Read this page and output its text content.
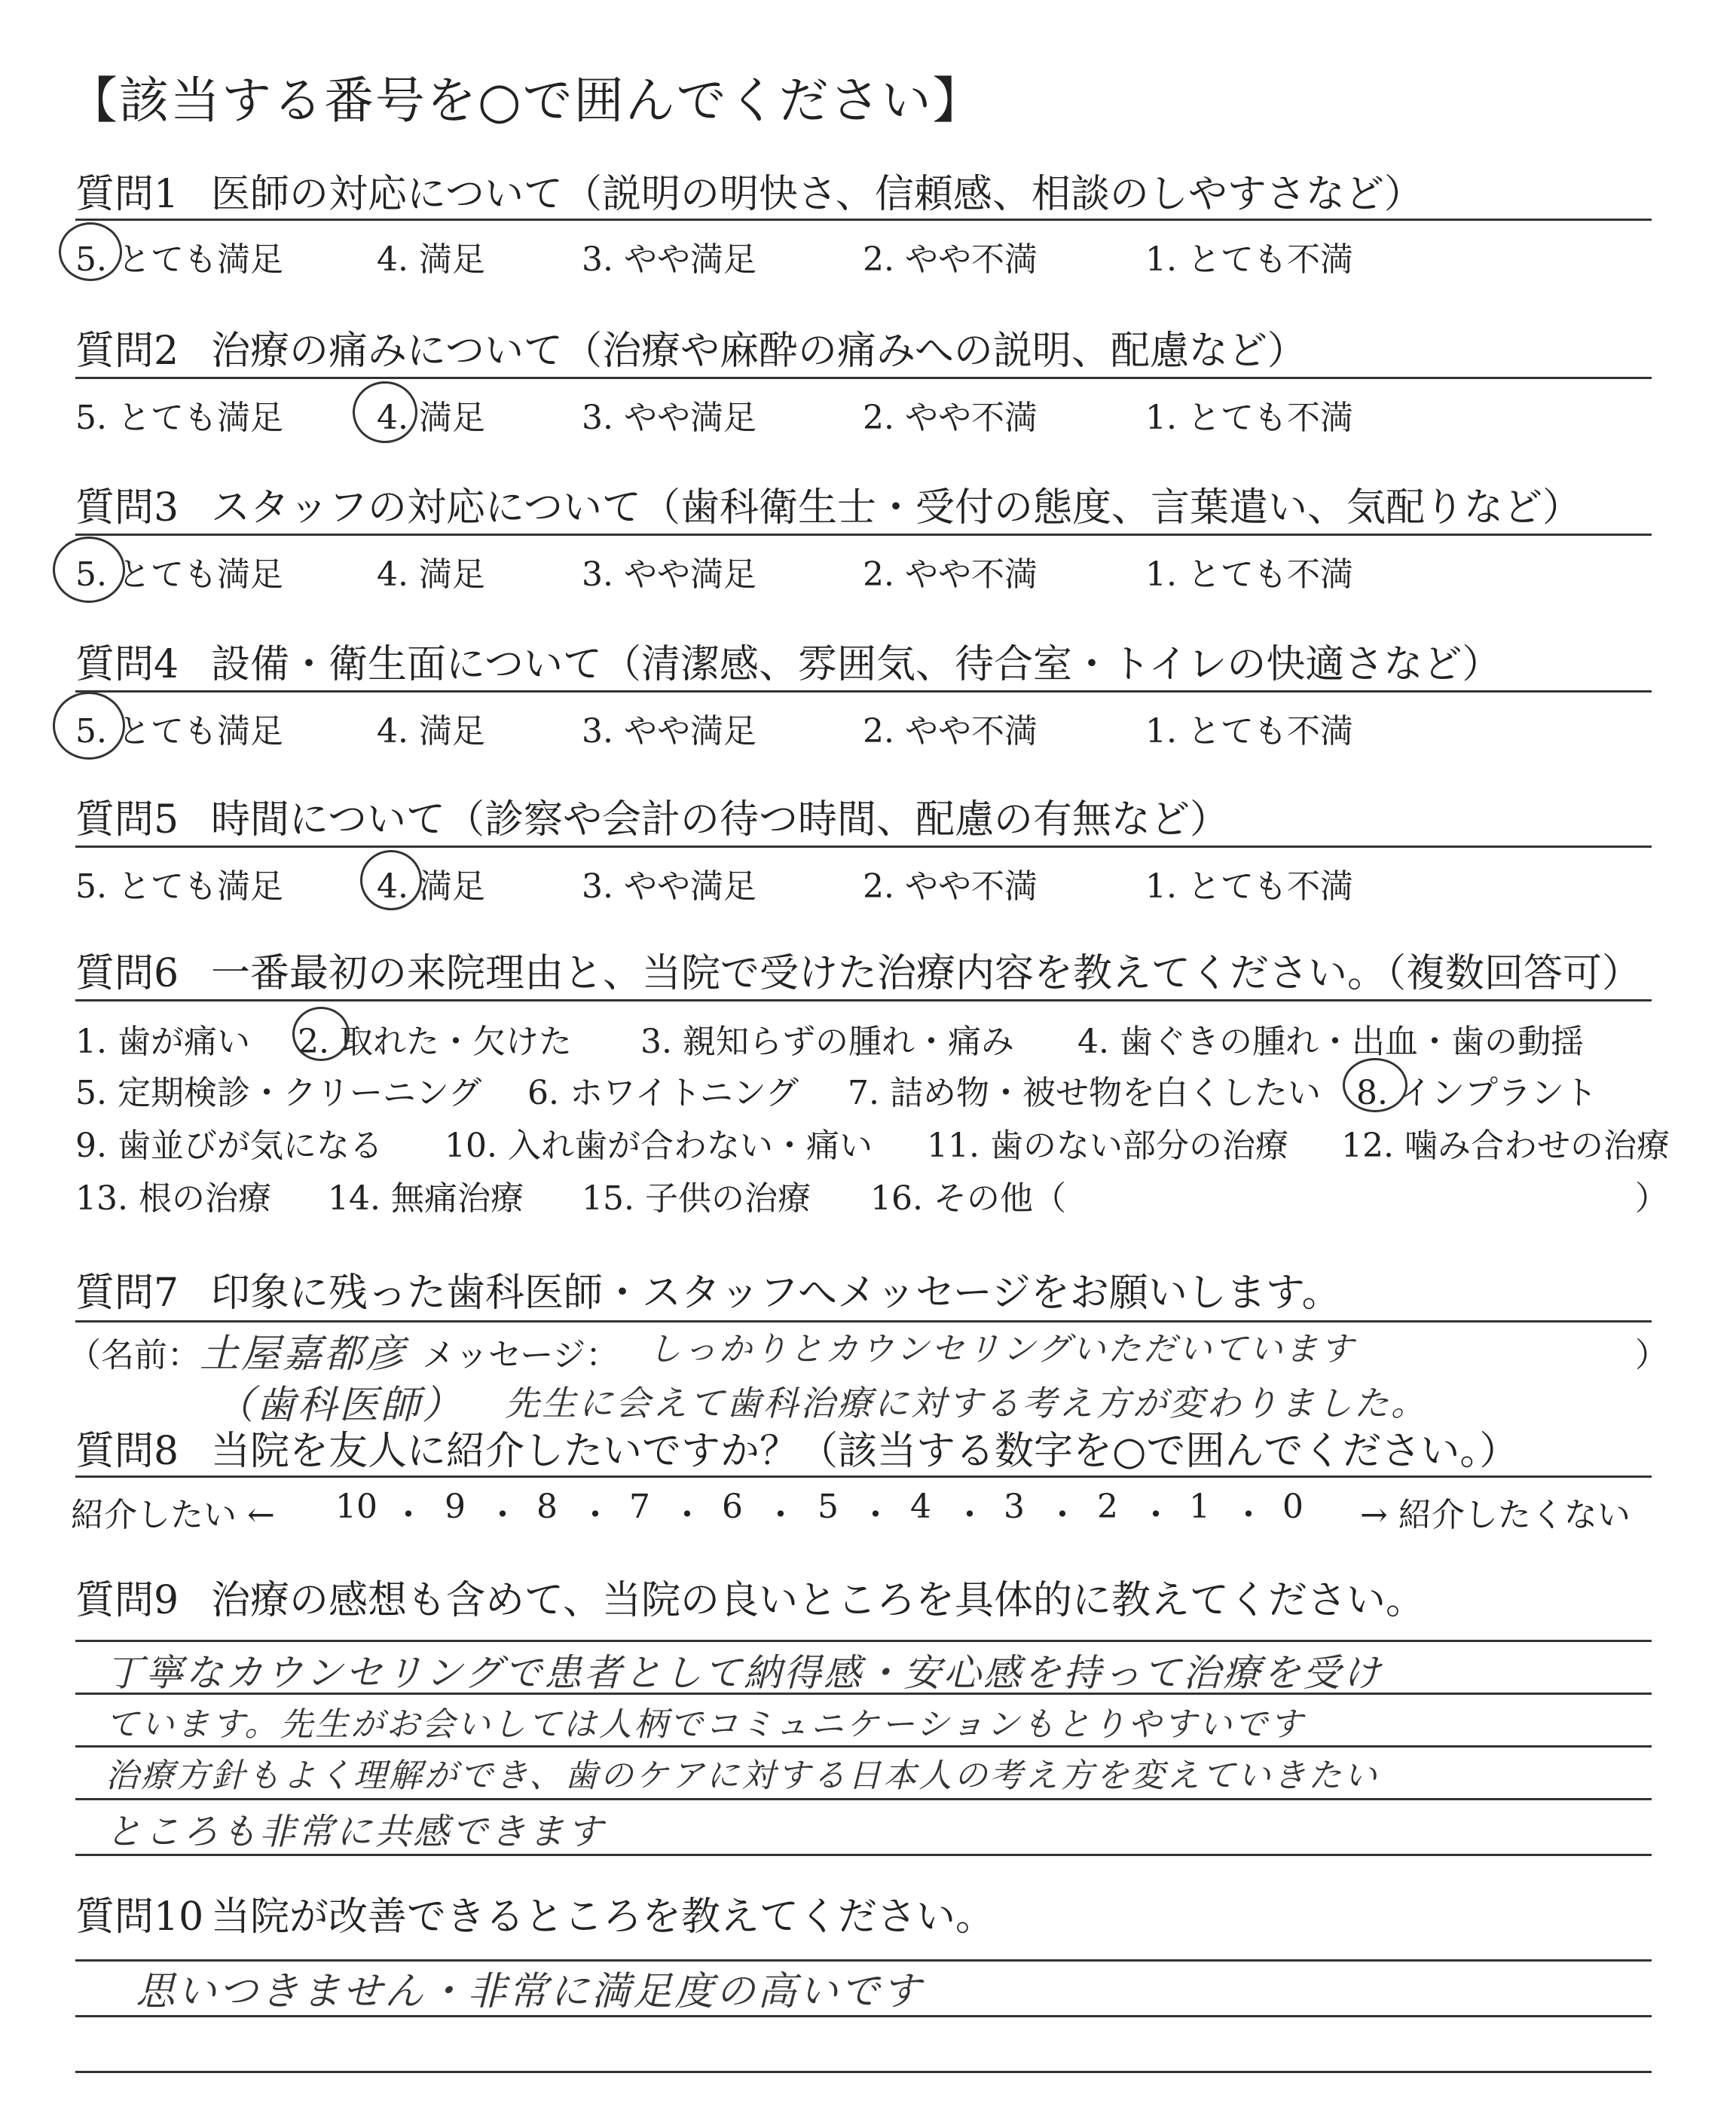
【該当する番号を○で囲んでください】
質問1 医師の対応について（説明の明快さ、信頼感、相談のしやすさなど）
5. とても満足	4. 満足	3. やや満足	2. やや不満	1. とても不満
質問2 治療の痛みについて（治療や麻酔の痛みへの説明、配慮など）
5. とても満足	4. 満足	3. やや満足	2. やや不満	1. とても不満
質問3 スタッフの対応について（歯科衛生士・受付の態度、言葉遣い、気配りなど）
5. とても満足	4. 満足	3. やや満足	2. やや不満	1. とても不満
質問4 設備・衛生面について（清潔感、雰囲気、待合室・トイレの快適さなど）
5. とても満足	4. 満足	3. やや満足	2. やや不満	1. とても不満
質問5 時間について（診察や会計の待つ時間、配慮の有無など）
5. とても満足	4. 満足	3. やや満足	2. やや不満	1. とても不満
質問6 一番最初の来院理由と、当院で受けた治療内容を教えてください。（複数回答可）
1. 歯が痛い 2. 取れた・欠けた 3. 親知らずの腫れ・痛み 4. 歯ぐきの腫れ・出血・歯の動揺
5. 定期検診・クリーニング 6. ホワイトニング 7. 詰め物・被せ物を白くしたい 8. インプラント
9. 歯並びが気になる 10. 入れ歯が合わない・痛い 11. 歯のない部分の治療 12. 噛み合わせの治療
13. 根の治療 14. 無痛治療 15. 子供の治療 16. その他（	）
質問7 印象に残った歯科医師・スタッフへメッセージをお願いします。
（名前： 土屋嘉都彦 メッセージ： しっかりとカウンセリングいただいています	）
（歯科医師） 先生に会えて歯科治療に対する考え方が変わりました。
質問8 当院を友人に紹介したいですか？（該当する数字を○で囲んでください。）
紹介したい ← 10 ・ 9 ・ 8 ・ 7 ・ 6 ・ 5 ・ 4 ・ 3 ・ 2 ・ 1 ・ 0 → 紹介したくない
質問9 治療の感想も含めて、当院の良いところを具体的に教えてください。
丁寧なカウンセリングで患者として納得感・安心感を持って治療を受け
ています。先生がお会いしては人柄でコミュニケーションもとりやすいです
治療方針もよく理解ができ、歯のケアに対する日本人の考え方を変えていきたい
ところも非常に共感できます
質問10 当院が改善できるところを教えてください。
思いつきません・非常に満足度の高いです
